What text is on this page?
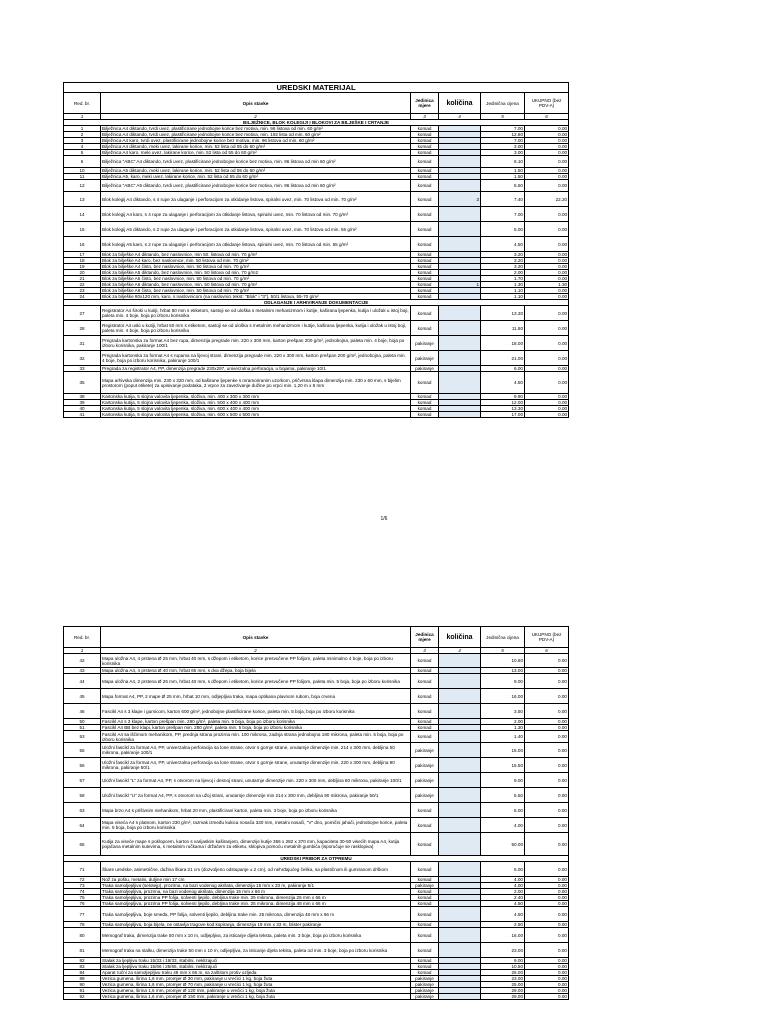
UREDSKI MATERIJAL					
Red. br.	Opis stavke	Jedinica mjere	količina	Jedinična cijena	UKUPNO (bez PDV-A)
1	2	3	4	5	6
BILJEŽNICE, BLOK KOLEGIJI I BLOKOVI ZA BILJEŠKE I CRTANJE					
1	Bilježnica A4 diktando, tvrdi uvez, plastificirane jednobojne korice bez motiva, min. 96 listova od min. 60 g/m²	komad		7.00	0.00
2	Bilježnica A4 diktando, tvrdi uvez, plastificirane jednobojne korice bez motiva, min. 192 lista od min. 60 g/m²	komad		12.80	0.00
3	Bilježnica A4 karo, tvrdi uvez, plastificirane jednobojne korice bez motiva, min. 96 listova od min. 60 g/m²	komad		7.00	0.00
4	Bilježnica A4 diktando, meki uvez, lakirane korice, min. 52 lista od 55 do 60 g/m²	komad		3.00	0.00
5	Bilježnica A4 karo, meki uvez, lakirane korice, min. 52 lista od 55 do 60 g/m²	komad		3.00	0.00
6	Bilježnica "ABC" A4 diktando, tvrdi uvez, plastificirane jednobojne korice bez motiva, min. 96 listova od min 60 g/m²	komad		6.10	0.00
10	Bilježnica A5 diktando, meki uvez, lakirane korice, min. 52 lista od 55 do 60 g/m²	komad		1.50	0.00
11	Bilježnica A5, karo, meki uvez, lakirane korice, min. 52 lista od 55 do 60 g/m²	komad		1.50	0.00
12	Bilježnica "ABC" A5 diktando, tvrdi uvez, plastificirane jednobojne korice bez motiva, min. 96 listova od min 60 g/m²	komad		5.50	0.00
13	Blok kolegij A4 diktando, s 4 rupe za ulaganje i perforacijom za otkidanje listova, spiralni uvez, min. 70 listova od min. 70 g/m²	komad	3	7.40	22.20
14	Blok kolegij A4 karo, s 4 rupe za ulaganje i perforacijom za otkidanje listova, spiralni uvez, min. 70 listova od min. 70 g/m²	komad		7.00	0.00
15	Blok kolegij A5 diktando, s 2 rupe za ulaganje i perforacijom za otkidanje listova, spiralni uvez, min. 70 listova od min. 55 g/m²	komad		5.00	0.00
16	Blok kolegij A5 karo, s 2 rupe za ulaganje i perforacijom za otkidanje listova, spiralni uvez, min. 70 listova od min. 55 g/m²	komad		4.50	0.00
17	Blok za bilješke A4 diktando, bez naslovnice, min 50. listova od min. 70 g/m²	komad		3.20	0.00
18	Blok za bilješke A4 karo, bez naslovnice, min. 50 listova od min. 70 g/m²	komad		3.20	0.00
19	Blok za bilješke A4 čisto, bez naslovnice, min. 50 listova od min. 70 g/m²	komad		3.20	0.00
20	Blok za bilješke A5 diktando, bez naslovnice, min. 50 listova od min. 70 g/m2	komad		2.00	0.00
21	Blok za bilješke A5 čisto, bez naslovnice, min. 50 listova od min. 70 g/m²	komad		1.70	0.00
22	Blok za bilješke A6 diktando, bez naslovnice, min. 50 listova od min. 70 g/m²	komad	1	1.30	1.30
23	Blok za bilješke A6 čisto, bez naslovnice, min. 50 listova od min. 70 g/m²	komad		1.10	0.00
24	Blok za bilješke 80x120 mm, karo, s naslovnicom (na naslovnici tekst: "Blok" i "3"), 50/1 listova, 55-70 g/m²	komad		1.10	0.00
ODLAGANJE I ARHIVIRANJE DOKUMENTACIJE					
27	Registrator A4 široki u kutiji, hrbat 80 mm s etiketom, sastoji se od uloška s metalnim mehanizmom i kutije, kaširana ljepenka, kutija i uložak u istoj boji, paleta min. 4 boje, boja po izboru korisnika	komad		13.30	0.00
28	Registrator A4 uski u kutiji, hrbat 50 mm s etiketom, sastoji se od ulоška s metalnim mehanizmom i kutije, kaširana ljepenka, kutija i uložak u istoj boji, paleta min. 4 boje, boja po izboru korisnika	komad		11.80	0.00
31	Pregrada kartonska za format A4 bez rupa, dimenzija pregrade min. 220 x 300 mm, karton prešpan 200 g/m², jednobojna, paleta min. 4 boje, boja po izboru korisnika, pakiranje 100/1	pakiranje		18.00	0.00
32	Pregrada kartonska za format A4 s rupama na lijevoj strani, dimenzija pregrade min. 220 x 300 mm, karton prešpan 200 g/m², jednobojna, paleta min. 4 boje, boja po izboru korisnika, pakiranje 100/1	pakiranje		21.00	0.00
33	Pregrada za registrator A4, PP, dimenzija pregrade 230x297, univerzalna perforacija, u bojama, pakiranje 10/1	pakiranje		6.00	0.00
35	Mapa arhivska dimenzija min. 230 x 320 mm, od kaširane ljepenke s mramoriranim uzorkom, pričvrsna klapa dimenzija min. 230 x 60 mm, s bijelim prostorom (poput etikete) za upisivanje podataka, 2 vrpce za zavezivanje dužine po vrpci min. 1,20 m x 8 mm	komad		4.50	0.00
38	Kartonska kutija, 5 slojna valovita ljepenka, složiva, min. 400 x 300 x 300 mm	komad		9.90	0.00
39	Kartonska kutija, 5 slojna valovita ljepenka, složiva, min. 500 x 400 x 400 mm	komad		12.00	0.00
40	Kartonska kutija, 5 slojna valovita ljepenka, složiva, min. 600 x 400 x 400 mm	komad		13.30	0.00
41	Kartonska kutija, 5 slojna valovita ljepenka, složiva, min. 600 x 500 x 500 mm	komad		17.00	0.00
1/6
Red. br.	Opis stavke	Jedinica mjere	količina	Jedinična cijena	UKUPNO (bez PDV-A)
1	2	3	4	5	6
42	Mapa uložna A4, 4 prstena Ø 25 mm, hrbat 40 mm, s džepom i etiketom, korice presvučene PP folijom, paleta minimalno 4 boje, boja po izboru korisnika	komad		10.60	0.00
43	Mapa uložna A4, 4 prstena Ø 40 mm, hrbat 65 mm, s dva džepa, boja bijela	komad		13.00	0.00
44	Mapa uložna A4, 2 prstena Ø 25 mm, hrbat 40 mm, s džepom i etiketom, korice presvučene PP folijom, paleta min. 5 boja, boja po izboru korisnika	komad		9.00	0.00
45	Mapa format A4, PP, 2 mape Ø 25 mm, hrbat 10 mm, odljepljiva traka, mapa optikana plavnom rubom, boja crvena	komad		16.00	0.00
46	Fascikl A4 s 3 klape i gumicom, karton 600 g/m², jednobojne plastificirane korice, paleta min. 5 boja, boja po izboru korisnika	komad		3.50	0.00
50	Fascikl A4 s 3 klape, karton prešpan min. 280 g/m², paleta min. 5 boja, boja po izboru korisnika	komad		2.00	0.00
51	Fascikl A4 BB bez klapi, karton prešpan min. 280 g/m², paleta min. 5 boja, boja po izboru korisnika	komad		1.30	0.00
53	Fascikl A4 sa iščimom mehanikom, PP, prednja strana prozirna min. 100 mikrona, zadnja strana jednobojna 180 mikrona, paleta min. 5 boja, boja po izboru korisnika	komad		1.40	0.00
55	Uložni fascikl za format A4, PP, univerzalna perforacija sa lone strane, otvor s gornje strane, unutarnje dimenzije min. 214 x 300 mm, debljina 50 mikrona, pakiranje 100/1	pakiranje		15.00	0.00
56	Uložni fascikl za format A4, PP, univerzalna perforacija sa lone strane, otvor s gornje strane, unutarnje dimenzije min. 220 x 300 mm, debljina 90 mikrona, pakiranje 50/1	pakiranje		15.50	0.00
57	Uložni fascikl "L" za format A4, PP, s otvorom na lijevoj i desnoj strani, unutarnje dimenzije min. 220 x 300 mm, debljina 80 mikrona, pakiranje 100/1	pakiranje		9.00	0.00
58	Uložni fascikl "U" za format A4, PP, s otvorom na užoj strani, unutarnje dimenzije min 214 x 300 mm, debljina 90 mikrona, pakiranje 50/1	pakiranje		5.50	0.00
63	Mapa brzo A4 s prišivnim mehanikom, hrbat 20 mm, plastificirani karton, paleta min. 3 boje, boja po izboru korisnika	komad		6.00	0.00
64	Mapa viseća A4 s platnom, karton 230 g/m², razmak između kukica nosača 330 mm, metalni nosači, "V" dno, pomični jahači, jednobojne korice, paleta min. 5 boja, boja po izboru korisnika	komad		4.00	0.00
65	Kutija za viseće mape s poklopcem, karton s varijaskim kaširanjem, dimenzije kutije 356 x 282 x 370 mm, kapaciteta 30-50 visećih mapa A4, kutija pojačana metalnim kutevima, s metalnim ručkama i držačem za etiketu, sklopiva pomoću metalnih gumbića (isporučuje se rasklopiva)	komad		50.00	0.00
UREDSKI PRIBOR ZA OTPREMU					
71	Škare uredske, asimetrične, dužina škara 21 cm (dozvoljeno odstupanje ± 2 cm), od nehrđajućeg čelika, sa plastičnom ili gumiranom drškom	komad		6.00	0.00
72	Nož za poštu, metalni, duljine min 17 cm	komad		4.00	0.00
73	Traka samoljepljiva (selotejp), prozirna, na bazi vodenog akrilata, dimenzija 15 mm x 33 m, pakiranje 5/1	pakiranje		4.00	0.00
74	Traka samoljepljiva, prozirna, na bazi vodenog akrilata, dimenzija 15 mm x 66 m	komad		2.00	0.00
75	Traka samoljepljiva, prozirna PP folija, solventi ljepilo, debljina trake min. 25 mikrona, dimenzija 25 mm x 66 m	komad		2.40	0.00
76	Traka samoljepljiva, prozirna PP folija, solventi ljepilo, debljina trake min. 25 mikrona, dimenzija 48 mm x 66 m	komad		4.50	0.00
77	Traka samoljepljiva, boje smeđa, PP folija, solventi ljepilo, debljina trake min. 25 mikrona, dimenzija 48 mm x 66 m	komad		4.50	0.00
78	Traka samoljepljiva, boja bijela, ne ostavlja tragove kod kopiranja, dimenzija 19 mm x 33 m, blister pakiranje	komad		2.50	0.00
80	Memograf traka, dimenzija trake 50 mm x 10 m, odljepljiva, za isticanje dijela teksta, paleta min. 3 boje, boja po izboru korisnika	komad		16.00	0.00
81	Memograf traka na stalku, dimenzija trake 50 mm x 10 m, odljepljiva, za isticanje dijela teksta, paleta od min. 3 boje, boja po izboru korisnika	komad		23.00	0.00
82	Stalak za ljepljivu traku 15/33 i 19/33, stabilni, neklizajući	komad		9.00	0.00
83	Stalak za ljepljivu traku 15/66 i 25/66, stabilni, neklizajući	komad		10.50	0.00
84	Aparat ručni za samoljepljivu traku 48 mm x 66 m, sa zaštitom protiv ozljeda	komad		25.00	0.00
89	Vezica gumena, širina 1,6 mm, promjer Ø 30 mm, pakiranje u vrećici 1 kg, boja žuta	pakiranje		23.00	0.00
90	Vezica gumena, širina 1,6 mm, promjer Ø 70 mm, pakiranje u vrećici 1 kg, boja žuta	pakiranje		25.00	0.00
91	Vezica gumena, širina 1,6 mm, promjer Ø 120 mm, pakiranje u vrećici 1 kg, boja žuta	pakiranje		29.00	0.00
92	Vezica gumena, širina 1,6 mm, promjer Ø 150 mm, pakiranje u vrećici 1 kg, boja žuta	pakiranje		29.00	0.00
